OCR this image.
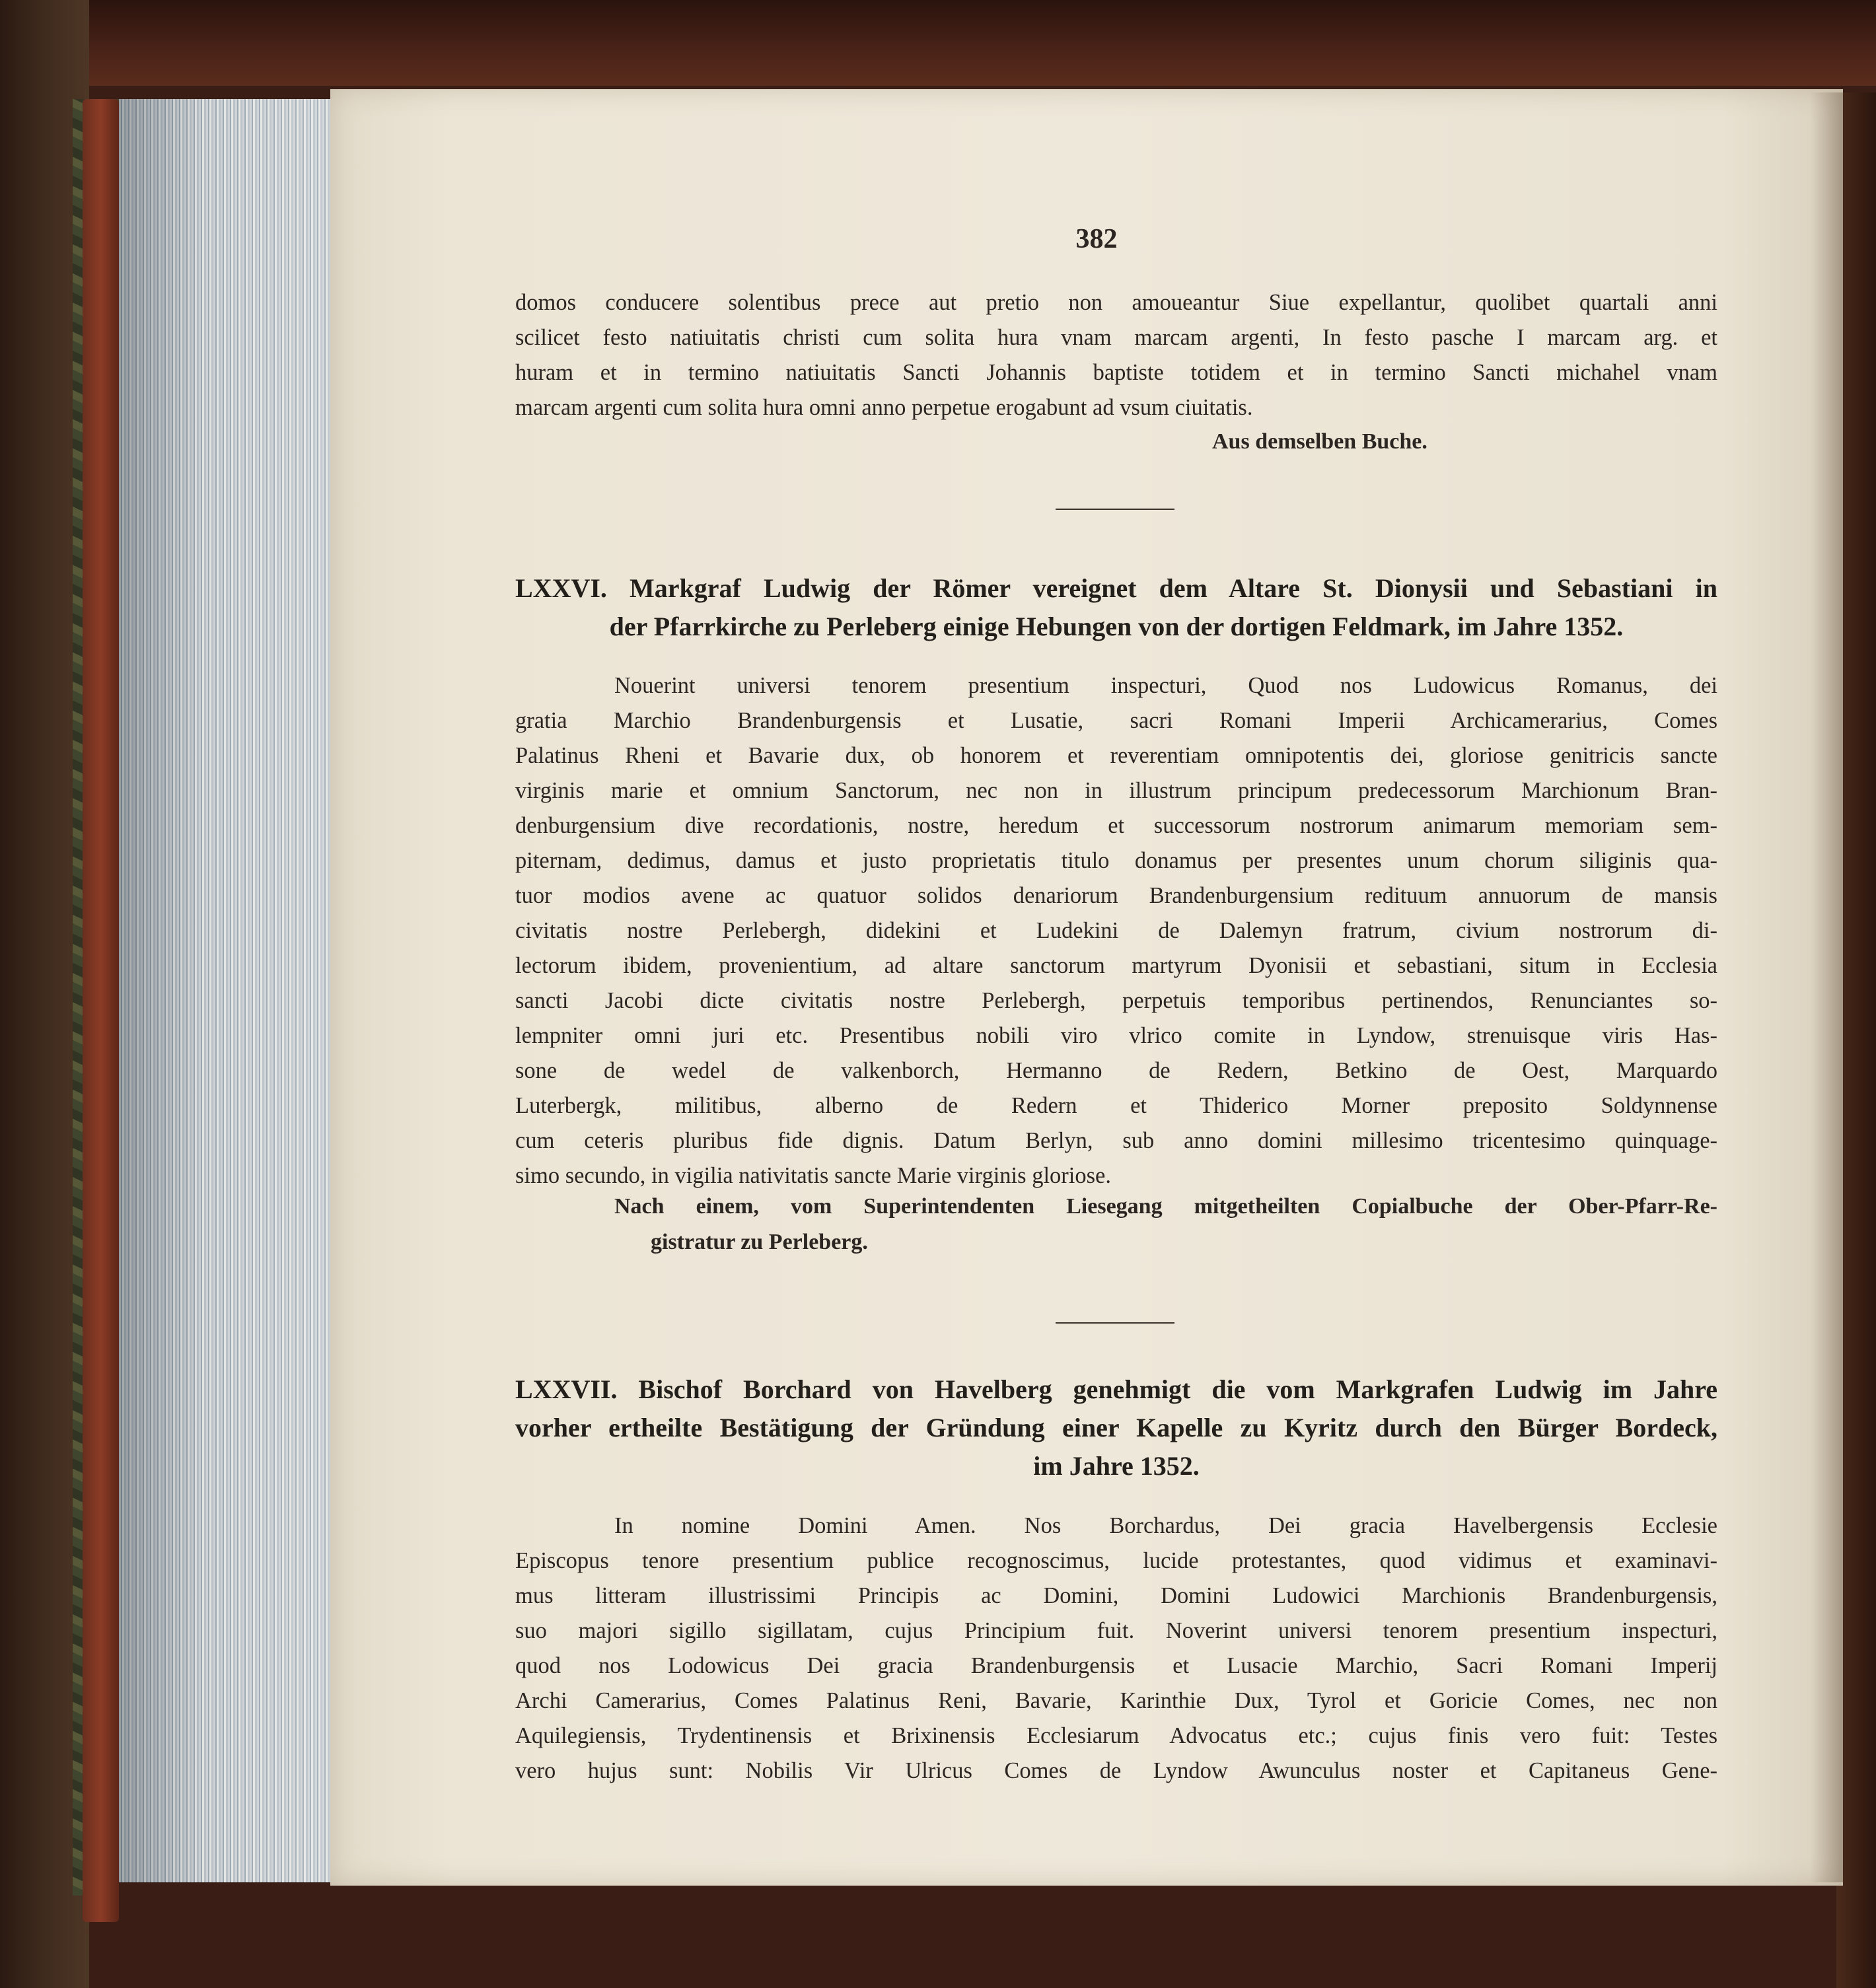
382
domos conducere solentibus prece aut pretio non amoueantur Siue expellantur, quolibet quartali anni
scilicet festo natiuitatis christi cum solita hura vnam marcam argenti, In festo pasche I marcam arg. et
huram et in termino natiuitatis Sancti Johannis baptiste totidem et in termino Sancti michahel vnam
marcam argenti cum solita hura omni anno perpetue erogabunt ad vsum ciuitatis.
Aus demselben Buche.
LXXVI. Markgraf Ludwig der Römer vereignet dem Altare St. Dionysii und Sebastiani in
der Pfarrkirche zu Perleberg einige Hebungen von der dortigen Feldmark, im Jahre 1352.
Nouerint universi tenorem presentium inspecturi, Quod nos Ludowicus Romanus, dei
gratia Marchio Brandenburgensis et Lusatie, sacri Romani Imperii Archicamerarius, Comes
Palatinus Rheni et Bavarie dux, ob honorem et reverentiam omnipotentis dei, gloriose genitricis sancte
virginis marie et omnium Sanctorum, nec non in illustrum principum predecessorum Marchionum Bran-
denburgensium dive recordationis, nostre, heredum et successorum nostrorum animarum memoriam sem-
piternam, dedimus, damus et justo proprietatis titulo donamus per presentes unum chorum siliginis qua-
tuor modios avene ac quatuor solidos denariorum Brandenburgensium redituum annuorum de mansis
civitatis nostre Perlebergh, didekini et Ludekini de Dalemyn fratrum, civium nostrorum di-
lectorum ibidem, provenientium, ad altare sanctorum martyrum Dyonisii et sebastiani, situm in Ecclesia
sancti Jacobi dicte civitatis nostre Perlebergh, perpetuis temporibus pertinendos, Renunciantes so-
lempniter omni juri etc. Presentibus nobili viro vlrico comite in Lyndow, strenuisque viris Has-
sone de wedel de valkenborch, Hermanno de Redern, Betkino de Oest, Marquardo
Luterbergk, militibus, alberno de Redern et Thiderico Morner preposito Soldynnense
cum ceteris pluribus fide dignis. Datum Berlyn, sub anno domini millesimo tricentesimo quinquage-
simo secundo, in vigilia nativitatis sancte Marie virginis gloriose.
Nach einem, vom Superintendenten Liesegang mitgetheilten Copialbuche der Ober-Pfarr-Re-
gistratur zu Perleberg.
LXXVII. Bischof Borchard von Havelberg genehmigt die vom Markgrafen Ludwig im Jahre
vorher ertheilte Bestätigung der Gründung einer Kapelle zu Kyritz durch den Bürger Bordeck,
im Jahre 1352.
In nomine Domini Amen. Nos Borchardus, Dei gracia Havelbergensis Ecclesie
Episcopus tenore presentium publice recognoscimus, lucide protestantes, quod vidimus et examinavi-
mus litteram illustrissimi Principis ac Domini, Domini Ludowici Marchionis Brandenburgensis,
suo majori sigillo sigillatam, cujus Principium fuit. Noverint universi tenorem presentium inspecturi,
quod nos Lodowicus Dei gracia Brandenburgensis et Lusacie Marchio, Sacri Romani Imperij
Archi Camerarius, Comes Palatinus Reni, Bavarie, Karinthie Dux, Tyrol et Goricie Comes, nec non
Aquilegiensis, Trydentinensis et Brixinensis Ecclesiarum Advocatus etc.; cujus finis vero fuit: Testes
vero hujus sunt: Nobilis Vir Ulricus Comes de Lyndow Awunculus noster et Capitaneus Gene-
